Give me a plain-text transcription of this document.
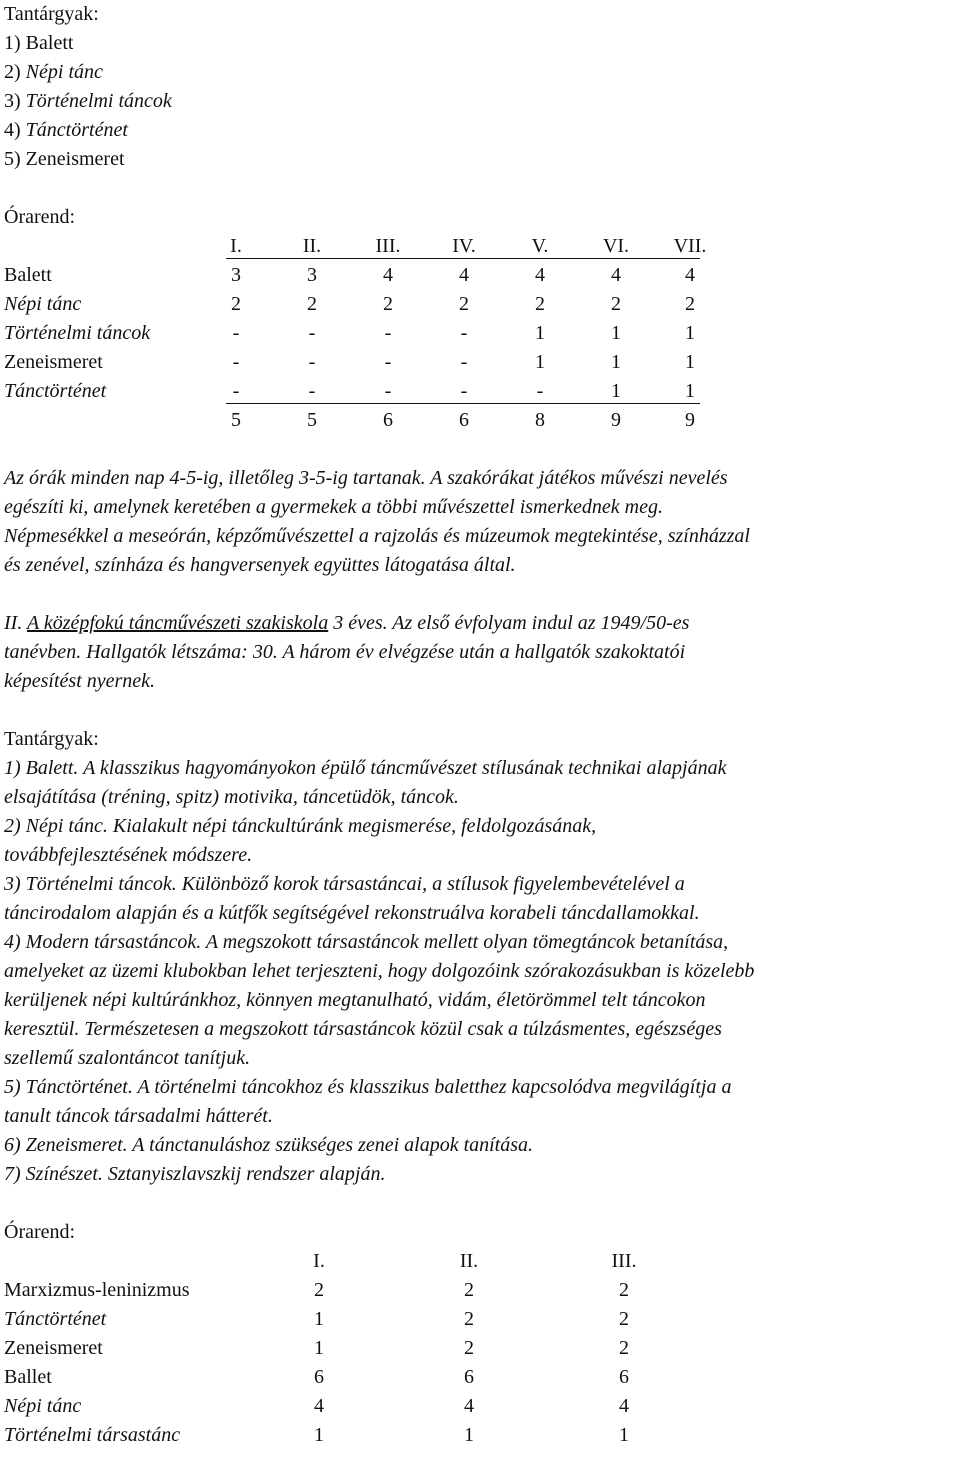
Tantárgyak:
1) Balett
2) Népi tánc
3) Történelmi táncok
4) Tánctörténet
5) Zeneismeret
Órarend:
I.	II.	III.	IV.	V.	VI.	VII.
Balett	3	3	4	4	4	4	4
Népi tánc	2	2	2	2	2	2	2
Történelmi táncok	-	-	-	-	1	1	1
Zeneismeret	-	-	-	-	1	1	1
Tánctörténet	-	-	-	-	-	1	1
5	5	6	6	8	9	9
Az órák minden nap 4-5-ig, illetőleg 3-5-ig tartanak. A szakórákat játékos művészi nevelés
egészíti ki, amelynek keretében a gyermekek a többi művészettel ismerkednek meg.
Népmesékkel a meseórán, képzőművészettel a rajzolás és múzeumok megtekintése, színházzal
és zenével, színháza és hangversenyek együttes látogatása által.
II. A középfokú táncművészeti szakiskola 3 éves. Az első évfolyam indul az 1949/50-es
tanévben. Hallgatók létszáma: 30. A három év elvégzése után a hallgatók szakoktatói
képesítést nyernek.
Tantárgyak:
1) Balett. A klasszikus hagyományokon épülő táncművészet stílusának technikai alapjának
elsajátítása (tréning, spitz) motivika, táncetüdök, táncok.
2) Népi tánc. Kialakult népi tánckultúránk megismerése, feldolgozásának,
továbbfejlesztésének módszere.
3) Történelmi táncok. Különböző korok társastáncai, a stílusok figyelembevételével a
táncirodalom alapján és a kútfők segítségével rekonstruálva korabeli táncdallamokkal.
4) Modern társastáncok. A megszokott társastáncok mellett olyan tömegtáncok betanítása,
amelyeket az üzemi klubokban lehet terjeszteni, hogy dolgozóink szórakozásukban is közelebb
kerüljenek népi kultúránkhoz, könnyen megtanulható, vidám, életörömmel telt táncokon
keresztül. Természetesen a megszokott társastáncok közül csak a túlzásmentes, egészséges
szellemű szalontáncot tanítjuk.
5) Tánctörténet. A történelmi táncokhoz és klasszikus baletthez kapcsolódva megvilágítja a
tanult táncok társadalmi hátterét.
6) Zeneismeret. A tánctanuláshoz szükséges zenei alapok tanítása.
7) Színészet. Sztanyiszlavszkij rendszer alapján.
Órarend:
I.	II.	III.
Marxizmus-leninizmus	2	2	2
Tánctörténet	1	2	2
Zeneismeret	1	2	2
Ballet	6	6	6
Népi tánc	4	4	4
Történelmi társastánc	1	1	1
